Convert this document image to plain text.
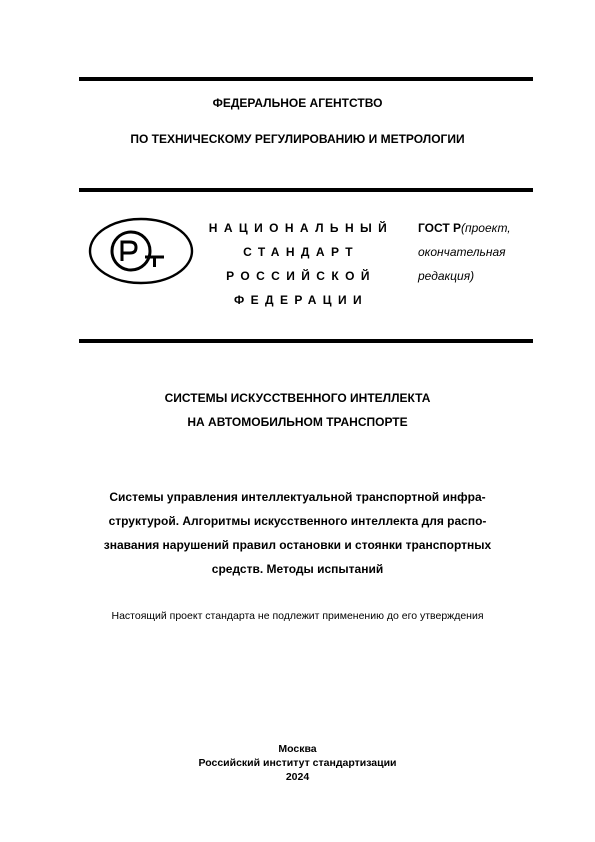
ФЕДЕРАЛЬНОЕ АГЕНТСТВО
ПО ТЕХНИЧЕСКОМУ РЕГУЛИРОВАНИЮ И МЕТРОЛОГИИ
НАЦИОНАЛЬНЫЙ
СТАНДАРТ
РОССИЙСКОЙ
ФЕДЕРАЦИИ
ГОСТ Р(проект,
окончательная
редакция)
СИСТЕМЫ ИСКУССТВЕННОГО ИНТЕЛЛЕКТА
НА АВТОМОБИЛЬНОМ ТРАНСПОРТЕ
Системы управления интеллектуальной транспортной инфра-
структурой. Алгоритмы искусственного интеллекта для распо-
знавания нарушений правил остановки и стоянки транспортных
средств. Методы испытаний
Настоящий проект стандарта не подлежит применению до его утверждения
Москва
Российский институт стандартизации
2024
